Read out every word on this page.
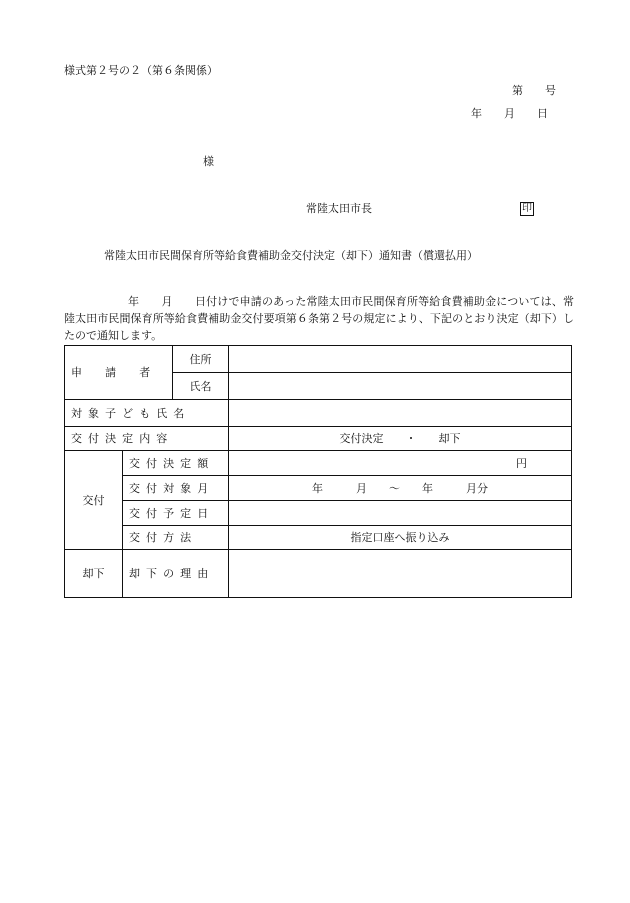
様式第２号の２（第６条関係）
第　　号
年　　月　　日
様
常陸太田市長	印
常陸太田市民間保育所等給食費補助金交付決定（却下）通知書（償還払用）

年　　月　　日付けで申請のあった常陸太田市民間保育所等給食費補助金については、常陸太田市民間保育所等給食費補助金交付要項第６条第２号の規定により、下記のとおり決定（却下）したので通知します。

申　請　者		住所	
		氏名	
対象子ども氏名			
交付決定内容			交付決定　　・　　却下
交付	交付決定額		円
	交付対象月		年　　　月　　～　　年　　　月分
	交付予定日		
	交付方法		指定口座へ振り込み
却下	却下の理由		
